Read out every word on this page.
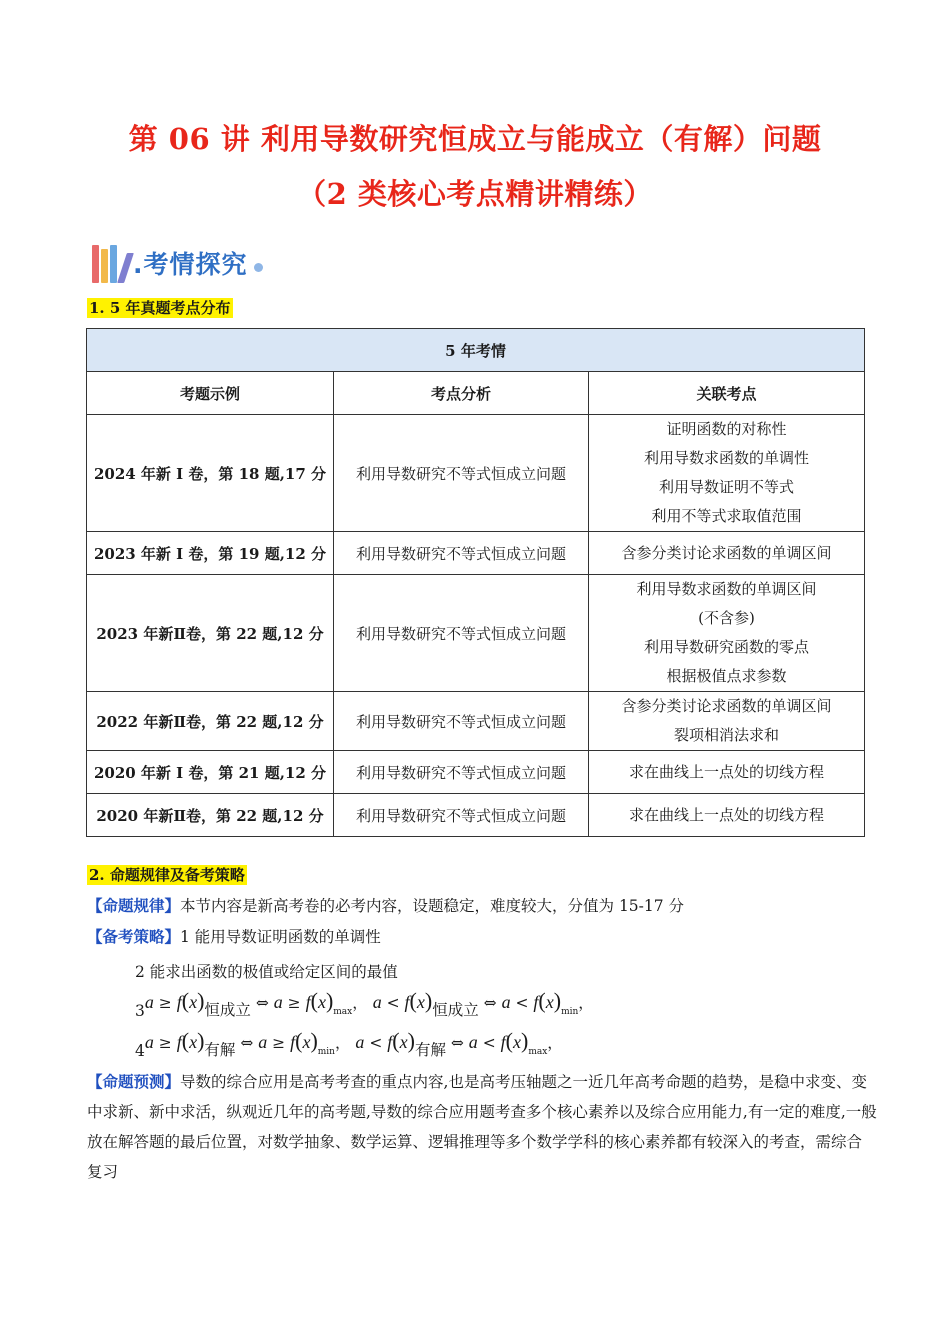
第 06 讲 利用导数研究恒成立与能成立（有解）问题
（2 类核心考点精讲精练）
.考情探究
1. 5 年真题考点分布
5 年考情		
考题示例	考点分析	关联考点
2024 年新 I 卷，第 18 题,17 分	利用导数研究不等式恒成立问题	证明函数的对称性
利用导数求函数的单调性
利用导数证明不等式
利用不等式求取值范围

2023 年新 I 卷，第 19 题,12 分	利用导数研究不等式恒成立问题	含参分类讨论求函数的单调区间

2023 年新Ⅱ卷，第 22 题,12 分	利用导数研究不等式恒成立问题	利用导数求函数的单调区间
(不含参)
利用导数研究函数的零点
根据极值点求参数

2022 年新Ⅱ卷，第 22 题,12 分	利用导数研究不等式恒成立问题	含参分类讨论求函数的单调区间
裂项相消法求和

2020 年新 I 卷，第 21 题,12 分	利用导数研究不等式恒成立问题	求在曲线上一点处的切线方程

2020 年新Ⅱ卷，第 22 题,12 分	利用导数研究不等式恒成立问题	求在曲线上一点处的切线方程
2. 命题规律及备考策略
【命题规律】本节内容是新高考卷的必考内容，设题稳定，难度较大，分值为 15-17 分
【备考策略】1 能用导数证明函数的单调性
2 能求出函数的极值或给定区间的最值
3a ≥ f(x)恒成立 ⇔ $a \ge f(x)_{max}$， a < f(x)恒成立 ⇔ $a < f(x)_{min}$，
4a ≥ f(x)有解 ⇔ $a \ge f(x)_{min}$， a < f(x)有解 ⇔ $a < f(x)_{max}$，
【命题预测】导数的综合应用是高考考查的重点内容,也是高考压轴题之一近几年高考命题的趋势，是稳中求变、变中求新、新中求活，纵观近几年的高考题,导数的综合应用题考查多个核心素养以及综合应用能力,有一定的难度,一般放在解答题的最后位置，对数学抽象、数学运算、逻辑推理等多个数学学科的核心素养都有较深入的考查，需综合复习
